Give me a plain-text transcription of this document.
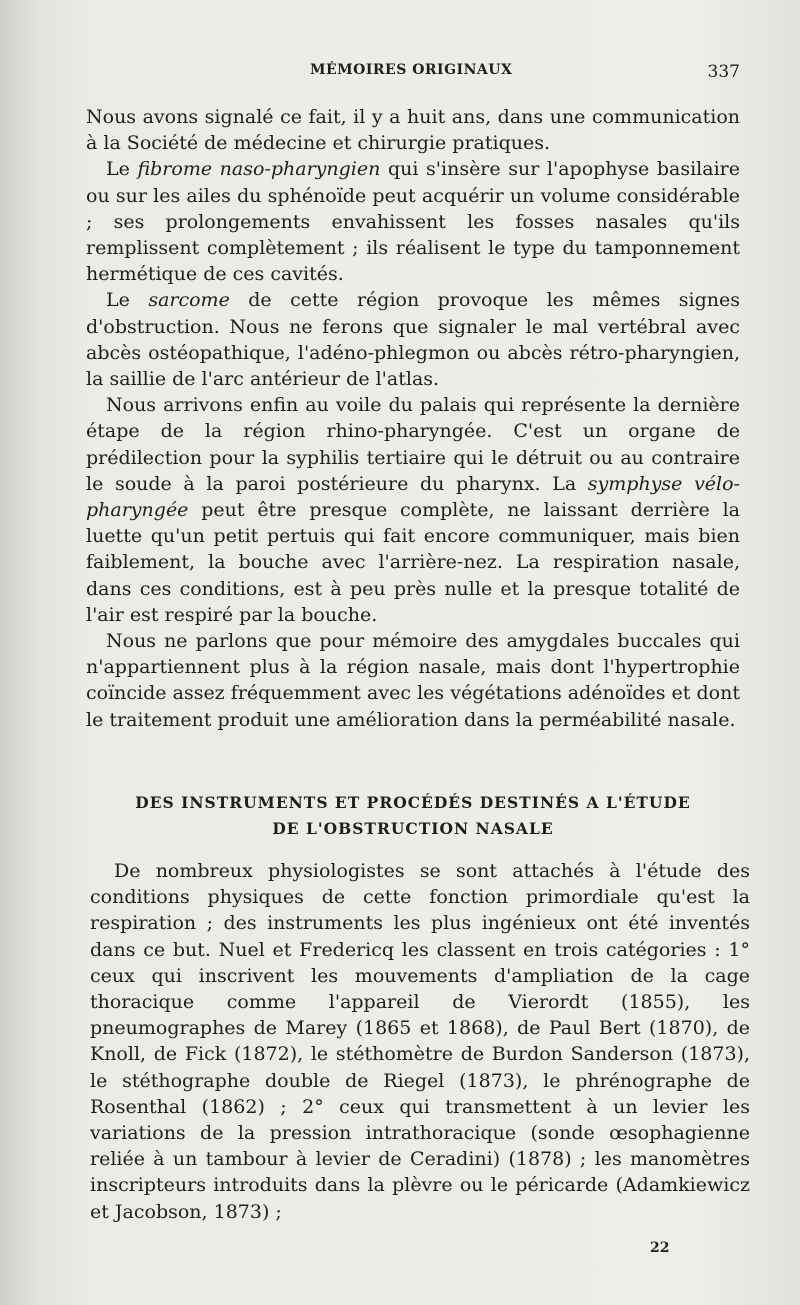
MÉMOIRES ORIGINAUX	337

Nous avons signalé ce fait, il y a huit ans, dans une communication à la Société de médecine et chirurgie pratiques.

Le fibrome naso-pharyngien qui s'insère sur l'apophyse basilaire ou sur les ailes du sphénoïde peut acquérir un volume considérable ; ses prolongements envahissent les fosses nasales qu'ils remplissent complètement ; ils réalisent le type du tamponnement hermétique de ces cavités.

Le sarcome de cette région provoque les mêmes signes d'obstruction. Nous ne ferons que signaler le mal vertébral avec abcès ostéopathique, l'adéno-phlegmon ou abcès rétro-pharyngien, la saillie de l'arc antérieur de l'atlas.

Nous arrivons enfin au voile du palais qui représente la dernière étape de la région rhino-pharyngée. C'est un organe de prédilection pour la syphilis tertiaire qui le détruit ou au contraire le soude à la paroi postérieure du pharynx. La symphyse vélo-pharyngée peut être presque complète, ne laissant derrière la luette qu'un petit pertuis qui fait encore communiquer, mais bien faiblement, la bouche avec l'arrière-nez. La respiration nasale, dans ces conditions, est à peu près nulle et la presque totalité de l'air est respiré par la bouche.

Nous ne parlons que pour mémoire des amygdales buccales qui n'appartiennent plus à la région nasale, mais dont l'hypertrophie coïncide assez fréquemment avec les végétations adénoïdes et dont le traitement produit une amélioration dans la perméabilité nasale.

DES INSTRUMENTS ET PROCÉDÉS DESTINÉS A L'ÉTUDE
DE L'OBSTRUCTION NASALE

De nombreux physiologistes se sont attachés à l'étude des conditions physiques de cette fonction primordiale qu'est la respiration ; des instruments les plus ingénieux ont été inventés dans ce but. Nuel et Fredericq les classent en trois catégories : 1° ceux qui inscrivent les mouvements d'ampliation de la cage thoracique comme l'appareil de Vierordt (1855), les pneumographes de Marey (1865 et 1868), de Paul Bert (1870), de Knoll, de Fick (1872), le stéthomètre de Burdon Sanderson (1873), le stéthographe double de Riegel (1873), le phrénographe de Rosenthal (1862) ; 2° ceux qui transmettent à un levier les variations de la pression intrathoracique (sonde œsophagienne reliée à un tambour à levier de Ceradini) (1878) ; les manomètres inscripteurs introduits dans la plèvre ou le péricarde (Adamkiewicz et Jacobson, 1873) ;

22
